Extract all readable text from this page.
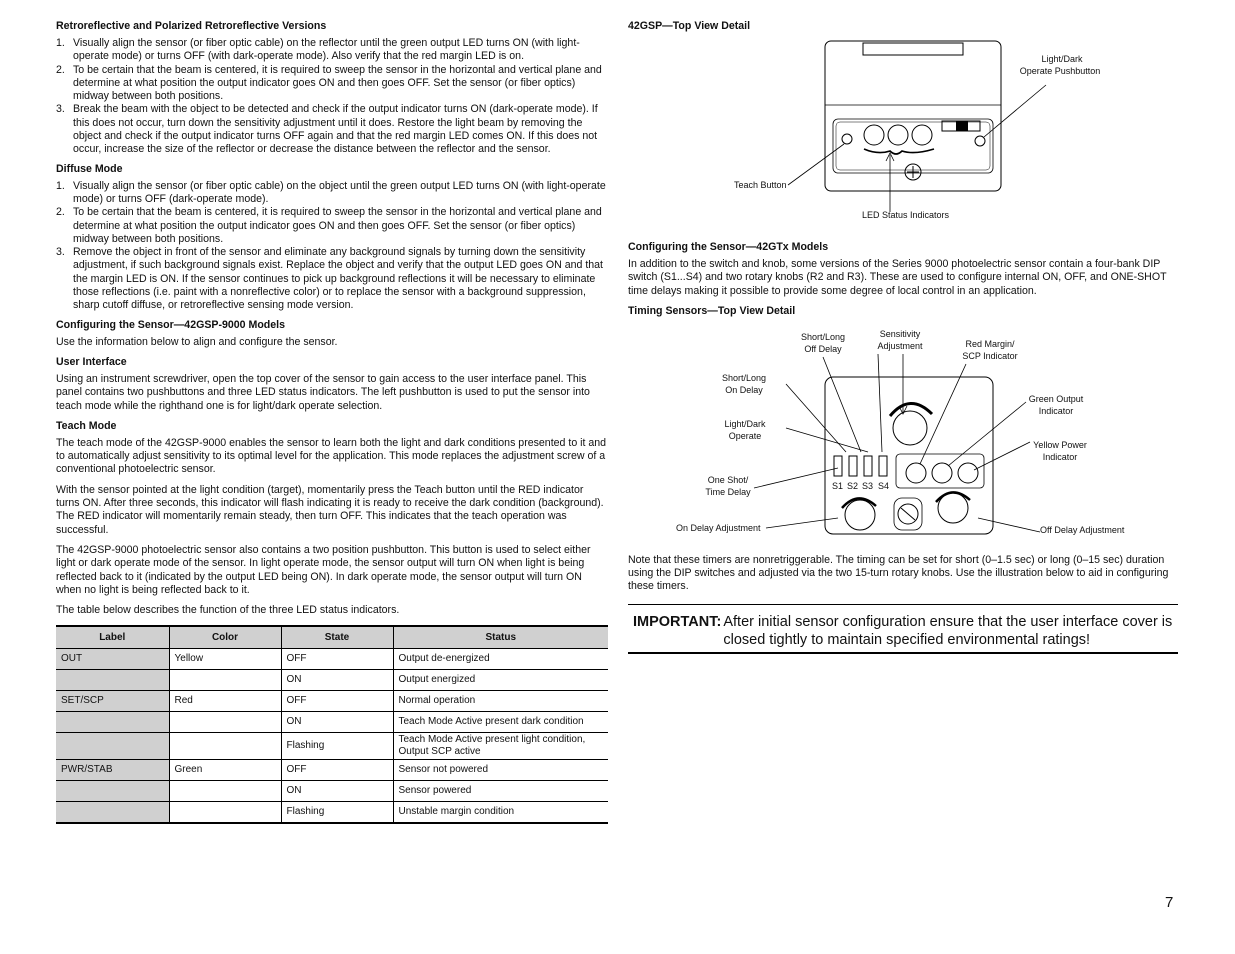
Retroreflective and Polarized Retroreflective Versions
1. Visually align the sensor (or fiber optic cable) on the reflector until the green output LED turns ON (with light-operate mode) or turns OFF (with dark-operate mode). Also verify that the red margin LED is on.
2. To be certain that the beam is centered, it is required to sweep the sensor in the horizontal and vertical plane and determine at what position the output indicator goes ON and then goes OFF. Set the sensor (or fiber optics) midway between both positions.
3. Break the beam with the object to be detected and check if the output indicator turns ON (dark-operate mode). If this does not occur, turn down the sensitivity adjustment until it does. Restore the light beam by removing the object and check if the output indicator turns OFF again and that the red margin LED comes ON. If this does not occur, increase the size of the reflector or decrease the distance between the reflector and the sensor.
Diffuse Mode
1. Visually align the sensor (or fiber optic cable) on the object until the green output LED turns ON (with light-operate mode) or turns OFF (dark-operate mode).
2. To be certain that the beam is centered, it is required to sweep the sensor in the horizontal and vertical plane and determine at what position the output indicator goes ON and then goes OFF. Set the sensor (or fiber optics) midway between both positions.
3. Remove the object in front of the sensor and eliminate any background signals by turning down the sensitivity adjustment, if such background signals exist. Replace the object and verify that the output LED goes ON and that the margin LED is ON. If the sensor continues to pick up background reflections it will be necessary to eliminate those reflections (i.e. paint with a nonreflective color) or to replace the sensor with a background suppression, sharp cutoff diffuse, or retroreflective sensing mode version.
Configuring the Sensor—42GSP-9000 Models

Use the information below to align and configure the sensor.

User Interface

Using an instrument screwdriver, open the top cover of the sensor to gain access to the user interface panel. This panel contains two pushbuttons and three LED status indicators. The left pushbutton is used to put the sensor into teach mode while the righthand one is for light/dark operate selection.

Teach Mode

The teach mode of the 42GSP-9000 enables the sensor to learn both the light and dark conditions presented to it and to automatically adjust sensitivity to its optimal level for the application. This mode replaces the adjustment screw of a conventional photoelectric sensor.

With the sensor pointed at the light condition (target), momentarily press the Teach button until the RED indicator turns ON. After three seconds, this indicator will flash indicating it is ready to receive the dark condition (background). The RED indicator will momentarily remain steady, then turn OFF. This indicates that the teach operation was successful.

The 42GSP-9000 photoelectric sensor also contains a two position pushbutton. This button is used to select either light or dark operate mode of the sensor. In light operate mode, the sensor output will turn ON when light is being reflected back to it (indicated by the output LED being ON). In dark operate mode, the sensor output will turn ON when no light is being reflected back to it.

The table below describes the function of the three LED status indicators.

Label	Color	State	Status
OUT	Yellow	OFF	Output de-energized
		ON	Output energized
SET/SCP	Red	OFF	Normal operation
		ON	Teach Mode Active present dark condition
		Flashing	Teach Mode Active present light condition, Output SCP active
PWR/STAB	Green	OFF	Sensor not powered
		ON	Sensor powered
		Flashing	Unstable margin condition
42GSP—Top View Detail
Light/Dark
Operate Pushbutton
Teach Button
LED Status Indicators
Configuring the Sensor—42GTx Models

In addition to the switch and knob, some versions of the Series 9000 photoelectric sensor contain a four-bank DIP switch (S1...S4) and two rotary knobs (R2 and R3). These are used to configure internal ON, OFF, and ONE-SHOT time delays making it possible to provide some degree of local control in an application.

Timing Sensors—Top View Detail
S1 S2 S3 S4
Short/Long
Off Delay
Sensitivity
Adjustment	Red Margin/
SCP Indicator
Short/Long
On Delay
Green Output
Indicator
Light/Dark
Operate
Yellow Power
Indicator
One Shot/
Time Delay
On Delay Adjustment	Off Delay Adjustment

Note that these timers are nonretriggerable. The timing can be set for short (0–1.5 sec) or long (0–15 sec) duration using the DIP switches and adjusted via the two 15-turn rotary knobs. Use the illustration below to aid in configuring these timers.

IMPORTANT: After initial sensor configuration ensure that the user interface cover is closed tightly to maintain specified environmental ratings!
7
